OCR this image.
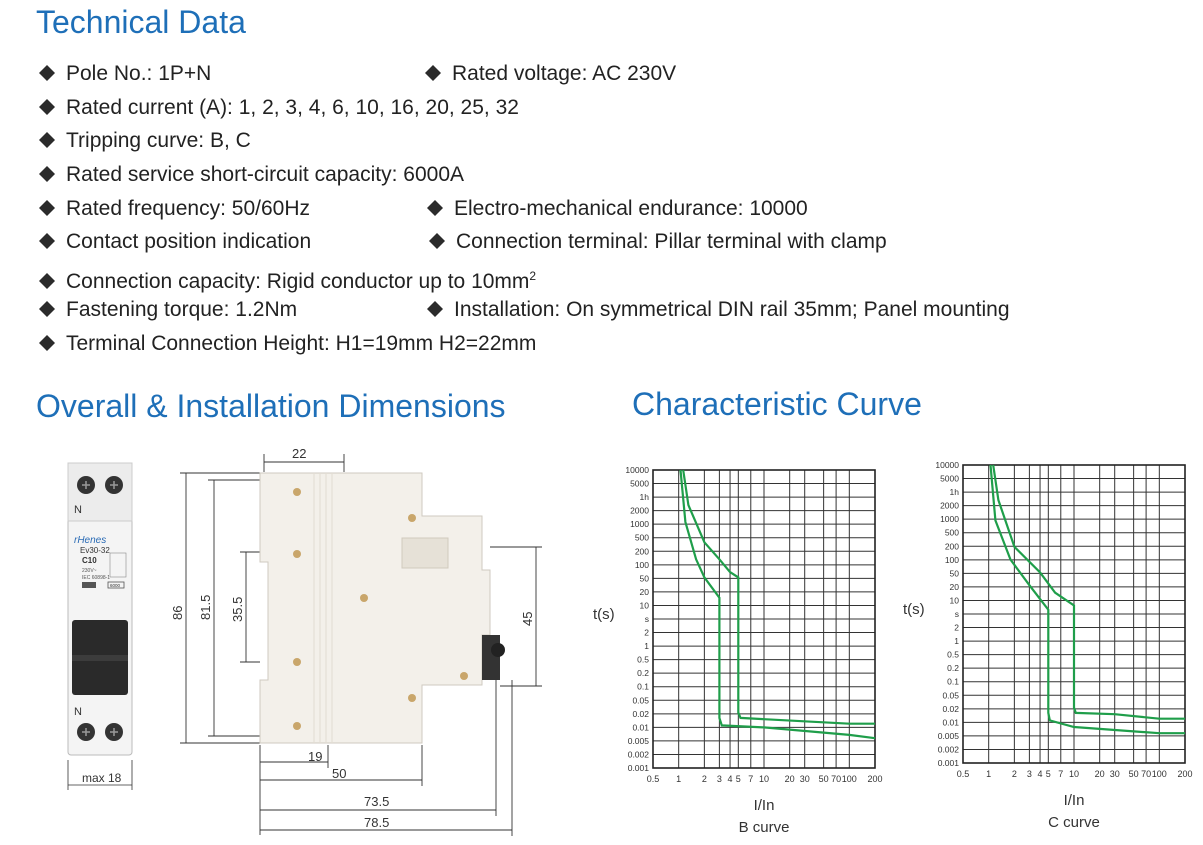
Technical Data
Overall & Installation Dimensions	Characteristic Curve
Pole No.: 1P+N	Rated voltage: AC 230V
Rated current (A): 1, 2, 3, 4, 6, 10, 16, 20, 25, 32
Tripping curve: B, C
Rated service short-circuit capacity: 6000A
Rated frequency: 50/60Hz	Electro-mechanical endurance: 10000
Contact position indication	Connection terminal: Pillar terminal with clamp
Connection capacity: Rigid conductor up to $10mm^2$
Fastening torque: 1.2Nm	Installation: On symmetrical DIN rail 35mm; Panel mounting
Terminal Connection Height: H1=19mm H2=22mm
N
rHenes
Ev30-32
C10
230V~
IEC 60898-1
6000
N
max 18
22
86 81.5 35.5	45
19
50
73.5
78.5
10000
5000
1h
2000
1000
500
200
100
50
20
10
s
2
1
0.5
0.2
0.1
0.05
0.02
0.01
0.005
0.002
0.001
0.5 1 2 3 4 5 7 10 20 30 50 70 100 200
t(s)
I/In
B curve
10000
5000
1h
2000
1000
500
200
100
50
20
10
s
2
1
0.5
0.2
0.1
0.05
0.02
0.01
0.005
0.002
0.001
0.5 1 2 3 4 5 7 10 20 30 50 70 100 200
t(s)
I/In
C curve
